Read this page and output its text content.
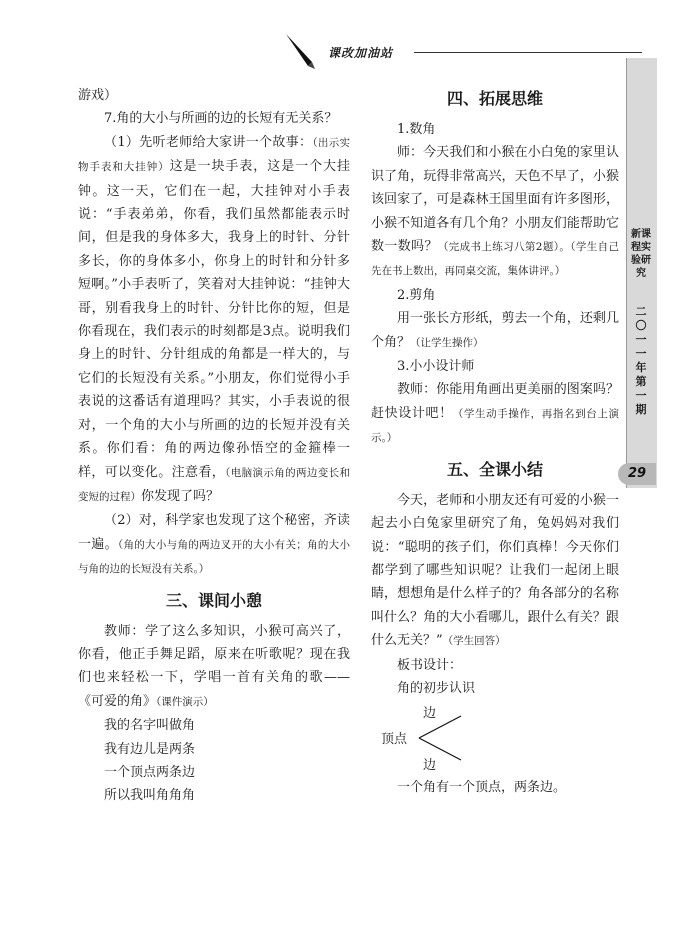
课改加油站
新课程实验研究
二〇一一年第一期
29

游戏）

7.角的大小与所画的边的长短有无关系？

（1）先听老师给大家讲一个故事：（出示实物手表和大挂钟）这是一块手表，这是一个大挂钟。这一天，它们在一起，大挂钟对小手表说：“手表弟弟，你看，我们虽然都能表示时间，但是我的身体多大，我身上的时针、分针多长，你的身体多小，你身上的时针和分针多短啊。”小手表听了，笑着对大挂钟说：“挂钟大哥，别看我身上的时针、分针比你的短，但是你看现在，我们表示的时刻都是3点。说明我们身上的时针、分针组成的角都是一样大的，与它们的长短没有关系。”小朋友，你们觉得小手表说的这番话有道理吗？其实，小手表说的很对，一个角的大小与所画的边的长短并没有关系。你们看：角的两边像孙悟空的金箍棒一样，可以变化。注意看，（电脑演示角的两边变长和变短的过程）你发现了吗？

（2）对，科学家也发现了这个秘密，齐读一遍。（角的大小与角的两边叉开的大小有关；角的大小与角的边的长短没有关系。）

三、课间小憩

教师：学了这么多知识，小猴可高兴了，你看，他正手舞足蹈，原来在听歌呢？现在我们也来轻松一下，学唱一首有关角的歌——《可爱的角》（课件演示）

我的名字叫做角

我有边儿是两条

一个顶点两条边

所以我叫角角角

四、拓展思维

1.数角

师：今天我们和小猴在小白兔的家里认识了角，玩得非常高兴，天色不早了，小猴该回家了，可是森林王国里面有许多图形，小猴不知道各有几个角？小朋友们能帮助它数一数吗？（完成书上练习八第2题）。（学生自己先在书上数出，再同桌交流，集体讲评。）

2.剪角

用一张长方形纸，剪去一个角，还剩几个角？（让学生操作）

3.小小设计师

教师：你能用角画出更美丽的图案吗？赶快设计吧！（学生动手操作，再指名到台上演示。）

五、全课小结

今天，老师和小朋友还有可爱的小猴一起去小白兔家里研究了角，兔妈妈对我们说：“聪明的孩子们，你们真棒！今天你们都学到了哪些知识呢？让我们一起闭上眼睛，想想角是什么样子的？角各部分的名称叫什么？角的大小看哪儿，跟什么有关？跟什么无关？”（学生回答）

板书设计：

角的初步认识

边
顶点
边

一个角有一个顶点，两条边。
